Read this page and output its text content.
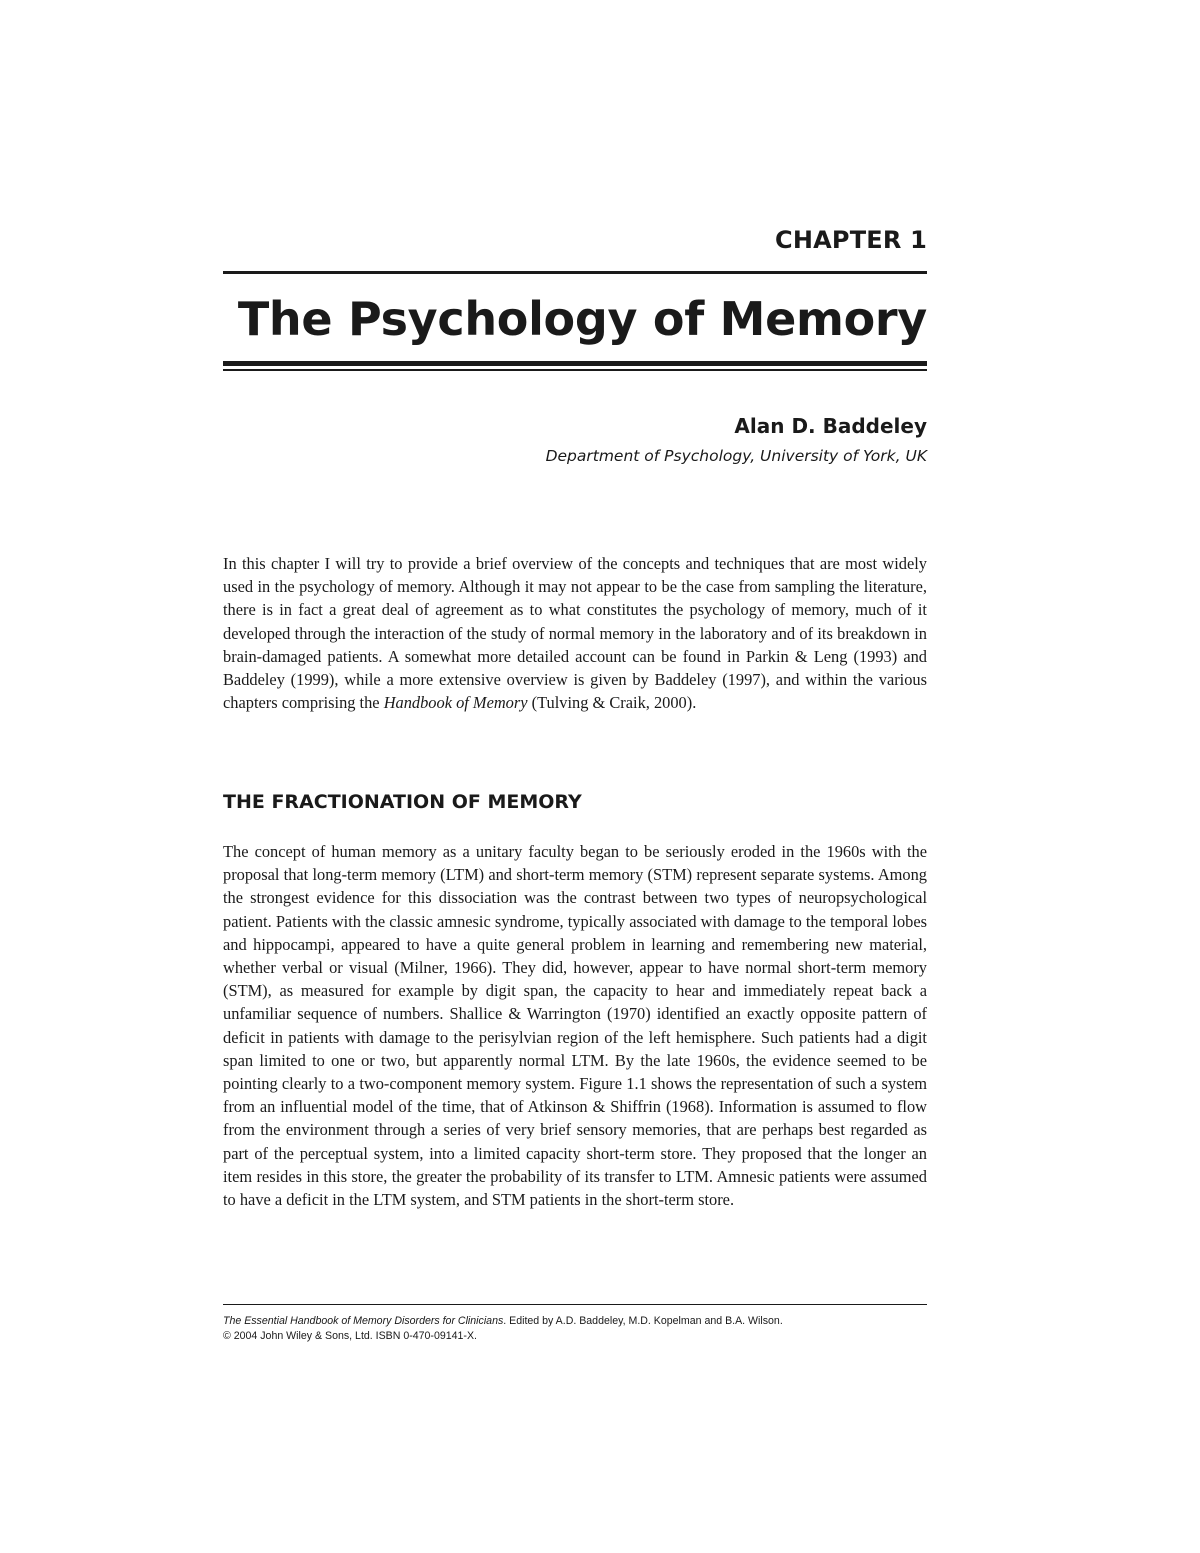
CHAPTER 1
The Psychology of Memory
Alan D. Baddeley
Department of Psychology, University of York, UK

In this chapter I will try to provide a brief overview of the concepts and techniques that are most widely used in the psychology of memory. Although it may not appear to be the case from sampling the literature, there is in fact a great deal of agreement as to what constitutes the psychology of memory, much of it developed through the interaction of the study of normal memory in the laboratory and of its breakdown in brain-damaged patients. A somewhat more detailed account can be found in Parkin & Leng (1993) and Baddeley (1999), while a more extensive overview is given by Baddeley (1997), and within the various chapters comprising the Handbook of Memory (Tulving & Craik, 2000).

THE FRACTIONATION OF MEMORY

The concept of human memory as a unitary faculty began to be seriously eroded in the 1960s with the proposal that long-term memory (LTM) and short-term memory (STM) represent separate systems. Among the strongest evidence for this dissociation was the contrast between two types of neuropsychological patient. Patients with the classic amnesic syndrome, typically associated with damage to the temporal lobes and hippocampi, appeared to have a quite general problem in learning and remembering new material, whether verbal or visual (Milner, 1966). They did, however, appear to have normal short-term memory (STM), as measured for example by digit span, the capacity to hear and immediately repeat back a unfamiliar sequence of numbers. Shallice & Warrington (1970) identified an exactly opposite pattern of deficit in patients with damage to the perisylvian region of the left hemisphere. Such patients had a digit span limited to one or two, but apparently normal LTM. By the late 1960s, the evidence seemed to be pointing clearly to a two-component memory system. Figure 1.1 shows the representation of such a system from an influential model of the time, that of Atkinson & Shiffrin (1968). Information is assumed to flow from the environment through a series of very brief sensory memories, that are perhaps best regarded as part of the perceptual system, into a limited capacity short-term store. They proposed that the longer an item resides in this store, the greater the probability of its transfer to LTM. Amnesic patients were assumed to have a deficit in the LTM system, and STM patients in the short-term store.

The Essential Handbook of Memory Disorders for Clinicians. Edited by A.D. Baddeley, M.D. Kopelman and B.A. Wilson.
© 2004 John Wiley & Sons, Ltd. ISBN 0-470-09141-X.
